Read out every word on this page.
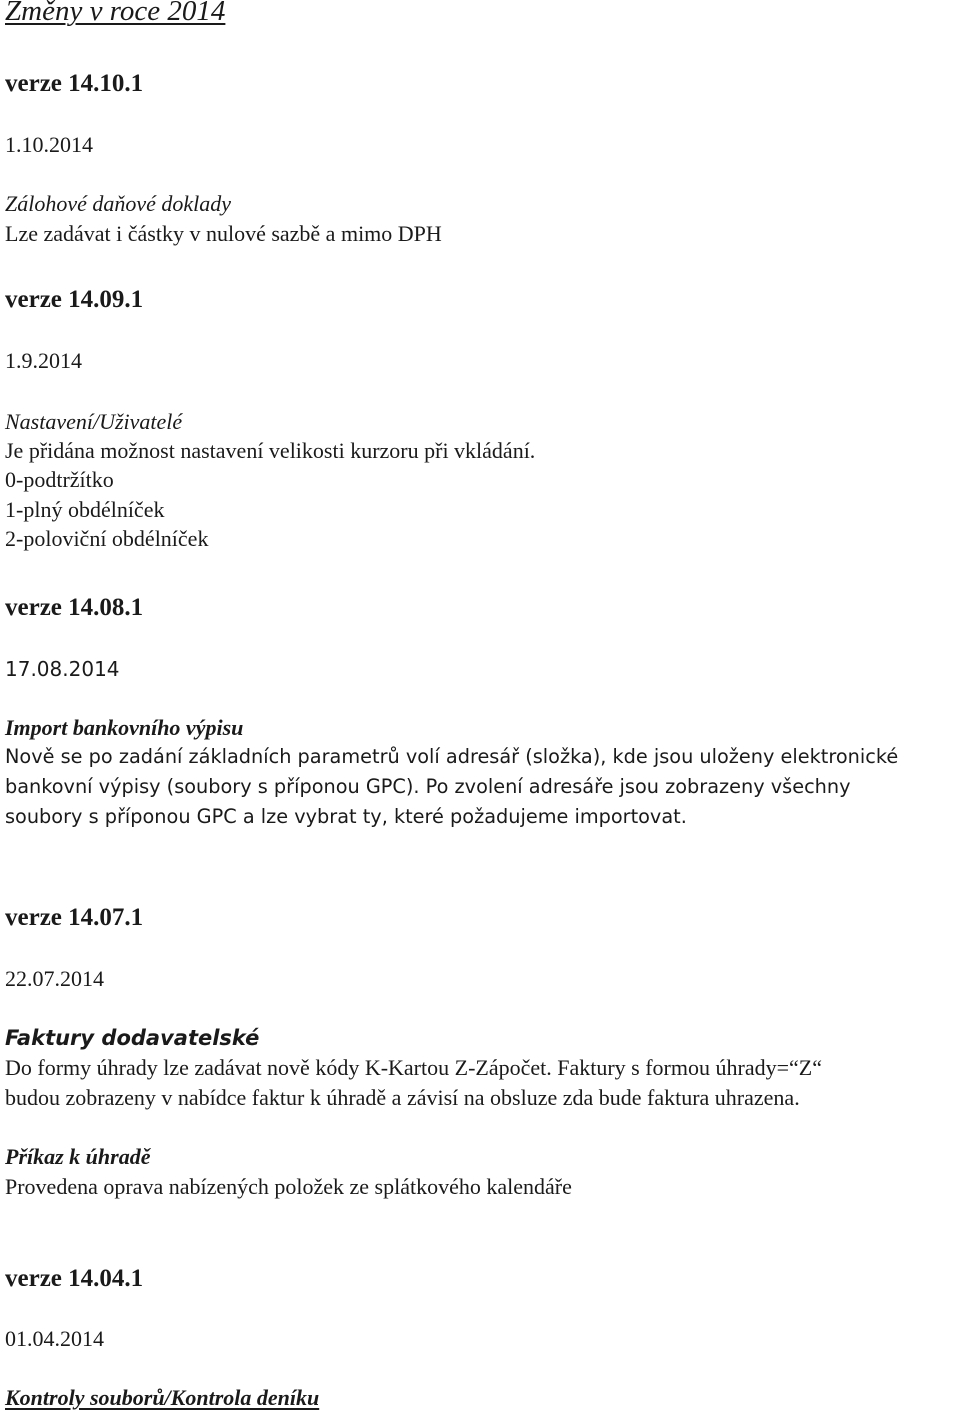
Změny v roce 2014
verze 14.10.1
1.10.2014
Zálohové daňové doklady
Lze zadávat i částky v nulové sazbě a mimo DPH
verze 14.09.1
1.9.2014
Nastavení/Uživatelé
Je přidána možnost nastavení velikosti kurzoru při vkládání.
0-podtržítko
1-plný obdélníček
2-poloviční obdélníček
verze 14.08.1
17.08.2014
Import bankovního výpisu
Nově se po zadání základních parametrů volí adresář (složka), kde jsou uloženy elektronické
bankovní výpisy (soubory s příponou GPC). Po zvolení adresáře jsou zobrazeny všechny
soubory s příponou GPC a lze vybrat ty, které požadujeme importovat.
verze 14.07.1
22.07.2014
Faktury dodavatelské
Do formy úhrady lze zadávat nově kódy K-Kartou Z-Zápočet. Faktury s formou úhrady=“Z“
budou zobrazeny v nabídce faktur k úhradě a závisí na obsluze zda bude faktura uhrazena.
Příkaz k úhradě
Provedena oprava nabízených položek ze splátkového kalendáře
verze 14.04.1
01.04.2014
Kontroly souborů/Kontrola deníku
